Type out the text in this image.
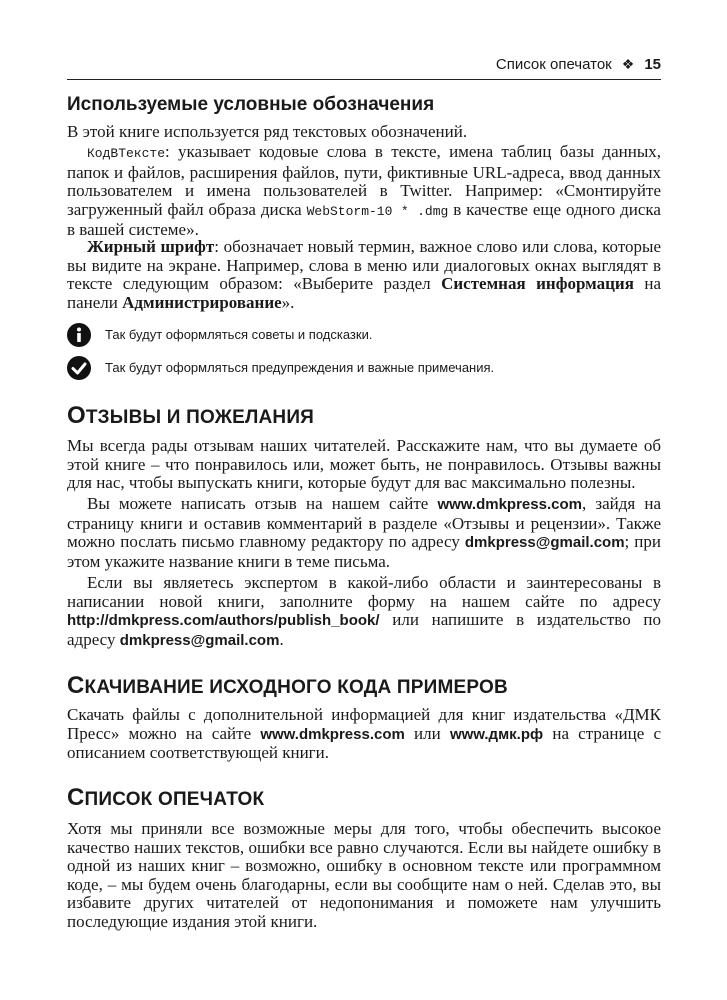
Список опечаток ❖ 15
Используемые условные обозначения

В этой книге используется ряд текстовых обозначений.

КодВТексте: указывает кодовые слова в тексте, имена таблиц базы данных, папок и файлов, расширения файлов, пути, фиктивные URL-адреса, ввод данных пользователем и имена пользователей в Twitter. Например: «Смонтируйте загруженный файл образа диска WebStorm-10 * .dmg в качестве еще одного диска в вашей системе».

Жирный шрифт: обозначает новый термин, важное слово или слова, которые вы видите на экране. Например, слова в меню или диалоговых окнах выглядят в тексте следующим образом: «Выберите раздел Системная информация на панели Администрирование».

Так будут оформляться советы и подсказки.
Так будут оформляться предупреждения и важные примечания.
ОТЗЫВЫ И ПОЖЕЛАНИЯ

Мы всегда рады отзывам наших читателей. Расскажите нам, что вы думаете об этой книге – что понравилось или, может быть, не понравилось. Отзывы важны для нас, чтобы выпускать книги, которые будут для вас максимально полезны.

Вы можете написать отзыв на нашем сайте www.dmkpress.com, зайдя на страницу книги и оставив комментарий в разделе «Отзывы и рецензии». Также можно послать письмо главному редактору по адресу dmkpress@gmail.com; при этом укажите название книги в теме письма.

Если вы являетесь экспертом в какой-либо области и заинтересованы в написании новой книги, заполните форму на нашем сайте по адресу http://dmkpress.com/authors/publish_book/ или напишите в издательство по адресу dmkpress@gmail.com.

СКАЧИВАНИЕ ИСХОДНОГО КОДА ПРИМЕРОВ

Скачать файлы с дополнительной информацией для книг издательства «ДМК Пресс» можно на сайте www.dmkpress.com или www.дмк.рф на странице с описанием соответствующей книги.

СПИСОК ОПЕЧАТОК

Хотя мы приняли все возможные меры для того, чтобы обеспечить высокое качество наших текстов, ошибки все равно случаются. Если вы найдете ошибку в одной из наших книг – возможно, ошибку в основном тексте или программном коде, – мы будем очень благодарны, если вы сообщите нам о ней. Сделав это, вы избавите других читателей от недопонимания и поможете нам улучшить последующие издания этой книги.
